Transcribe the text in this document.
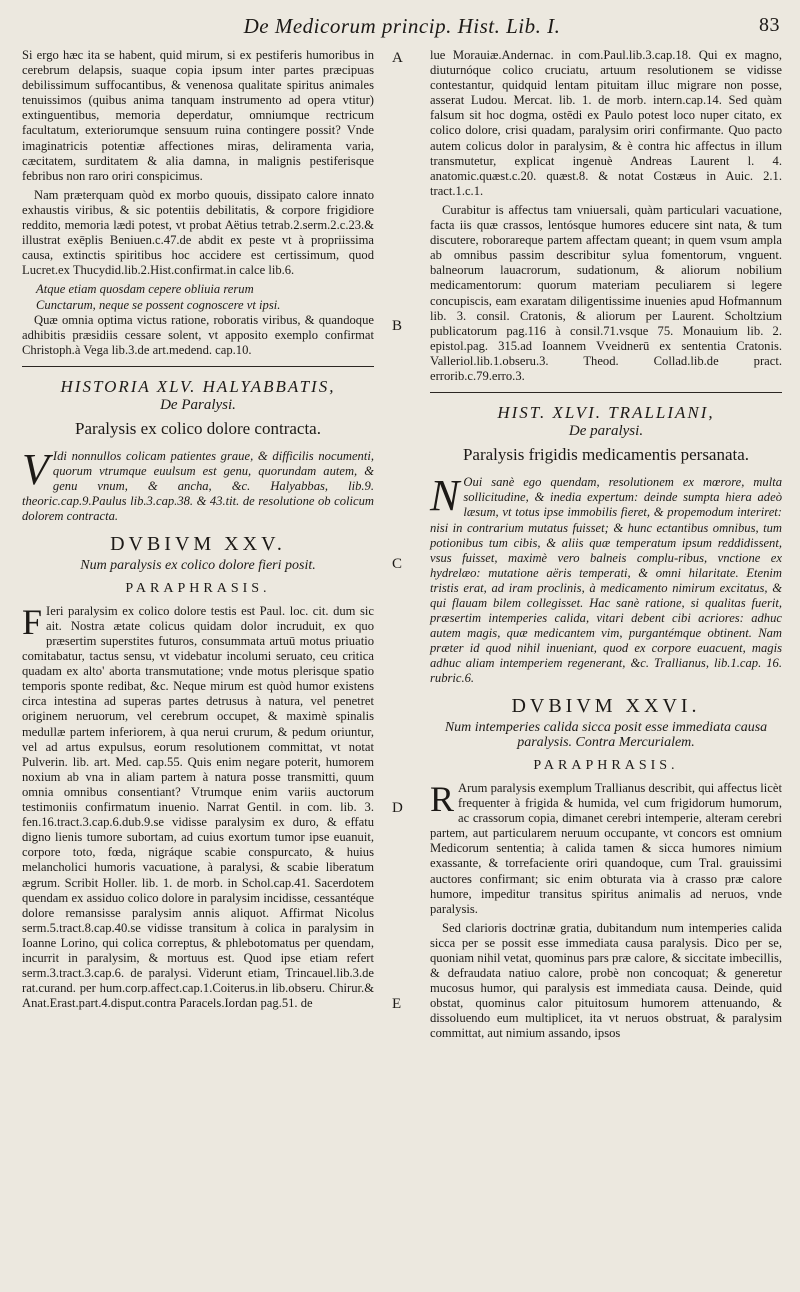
De Medicorum princip. Hist. Lib. I.	83

Si ergo hæc ita se habent, quid mirum, si ex pestiferis humoribus in cerebrum delapsis, suaque copia ipsum inter partes præcipuas debilissimum suffocantibus, & venenosa qualitate spiritus animales tenuissimos (quibus anima tanquam instrumento ad opera vtitur) extinguentibus, memoria deperdatur, omniumque rectricum facultatum, exteriorumque sensuum ruina contingere possit? Vnde imaginatricis potentiæ affectiones miras, deliramenta varia, cæcitatem, surditatem & alia damna, in malignis pestiferisque febribus non raro oriri conspicimus.

Nam præterquam quòd ex morbo quouis, dissipato calore innato exhaustis viribus, & sic potentiis debilitatis, & corpore frigidiore reddito, memoria lædi potest, vt probat Aëtius tetrab.2.serm.2.c.23.& illustrat exēplis Beniuen.c.47.de abdit ex peste vt à propriissima causa, extinctis spiritibus hoc accidere est certissimum, quod Lucret.ex Thucydid.lib.2.Hist.confirmat.in calce lib.6.

Atque etiam quosdam cepere obliuia rerum

Cunctarum, neque se possent cognoscere vt ipsi.

Quæ omnia optima victus ratione, roboratis viribus, & quandoque adhibitis præsidiis cessare solent, vt apposito exemplo confirmat Christoph.à Vega lib.3.de art.medend. cap.10.

HISTORIA XLV. HALYABBATIS,
De Paralysi.
Paralysis ex colico dolore contracta.

V Idi nonnullos colicam patientes graue, & difficilis nocumenti, quorum vtrumque euulsum est genu, quorundam autem, & genu vnum, & ancha, &c. Halyabbas, lib.9. theoric.cap.9.Paulus lib.3.cap.38. & 43.tit. de resolutione ob colicum dolorem contracta.

DVBIVM XXV.
Num paralysis ex colico dolore fieri posit.
PARAPHRASIS.

F Ieri paralysim ex colico dolore testis est Paul. loc. cit. dum sic ait. Nostra ætate colicus quidam dolor incruduit, ex quo præsertim superstites futuros, consummata artuū motus priuatio comitabatur, tactus sensu, vt videbatur incolumi seruato, ceu critica quadam ex alto' aborta transmutatione; vnde motus plerisque spatio temporis sponte redibat, &c. Neque mirum est quòd humor existens circa intestina ad superas partes detrusus à natura, vel penetret originem neruorum, vel cerebrum occupet, & maximè spinalis medullæ partem inferiorem, à qua nerui crurum, & pedum oriuntur, vel ad artus expulsus, eorum resolutionem committat, vt notat Pulverin. lib. art. Med. cap.55. Quis enim negare poterit, humorem noxium ab vna in aliam partem à natura posse transmitti, quum omnia omnibus consentiant? Vtrumque enim variis auctorum testimoniis confirmatum inuenio. Narrat Gentil. in com. lib. 3. fen.16.tract.3.cap.6.dub.9.se vidisse paralysim ex duro, & effatu digno lienis tumore subortam, ad cuius exortum tumor ipse euanuit, corpore toto, fœda, nigráque scabie conspurcato, & huius melancholici humoris vacuatione, à paralysi, & scabie liberatum ægrum. Scribit Holler. lib. 1. de morb. in Schol.cap.41. Sacerdotem quendam ex assiduo colico dolore in paralysim incidisse, cessantéque dolore remansisse paralysim annis aliquot. Affirmat Nicolus serm.5.tract.8.cap.40.se vidisse transitum à colica in paralysim in Ioanne Lorino, qui colica correptus, & phlebotomatus per quendam, incurrit in paralysim, & mortuus est. Quod ipse etiam refert serm.3.tract.3.cap.6. de paralysi. Viderunt etiam, Trincauel.lib.3.de rat.curand. per hum.corp.affect.cap.1.Coiterus.in lib.obseru. Chirur.& Anat.Erast.part.4.disput.contra Paracels.Iordan pag.51. de

A
B
C
D
E

lue Morauiæ.Andernac. in com.Paul.lib.3.cap.18. Qui ex magno, diuturnóque colico cruciatu, artuum resolutionem se vidisse contestantur, quidquid lentam pituitam illuc migrare non posse, asserat Ludou. Mercat. lib. 1. de morb. intern.cap.14. Sed quàm falsum sit hoc dogma, ostēdi ex Paulo potest loco nuper citato, ex colico dolore, crisi quadam, paralysim oriri confirmante. Quo pacto autem colicus dolor in paralysim, & è contra hic affectus in illum transmutetur, explicat ingenuè Andreas Laurent l. 4. anatomic.quæst.c.20. quæst.8. & notat Costæus in Auic. 2.1. tract.1.c.1.

Curabitur is affectus tam vniuersali, quàm particulari vacuatione, facta iis quæ crassos, lentósque humores educere sint nata, & tum discutere, roborareque partem affectam queant; in quem vsum ampla ab omnibus passim describitur sylua fomentorum, vnguent. balneorum lauacrorum, sudationum, & aliorum nobilium medicamentorum: quorum materiam peculiarem si legere concupiscis, eam exaratam diligentissime inuenies apud Hofmannum lib. 3. consil. Cratonis, & aliorum per Laurent. Scholtzium publicatorum pag.116 à consil.71.vsque 75. Monauium lib. 2. epistol.pag. 315.ad Ioannem Vveidnerū ex sententia Cratonis. Valleriol.lib.1.obseru.3. Theod. Collad.lib.de pract. errorib.c.79.erro.3.

HIST. XLVI. TRALLIANI,
De paralysi.
Paralysis frigidis medicamentis persanata.

N Oui sanè ego quendam, resolutionem ex mœrore, multa sollicitudine, & inedia expertum: deinde sumpta hiera adeò læsum, vt totus ipse immobilis fieret, & propemodum interiret: nisi in contrarium mutatus fuisset; & hunc ectantibus omnibus, tum potionibus tum cibis, & aliis quæ temperatum ipsum reddidissent, vsus fuisset, maximè vero balneis complu-ribus, vnctione ex hydrelæo: mutatione aëris temperati, & omni hilaritate. Etenim tristis erat, ad iram proclinis, à medicamento nimirum excitatus, & qui flauam bilem collegisset. Hac sanè ratione, si qualitas fuerit, præsertim intemperies calida, vitari debent cibi acriores: adhuc autem magis, quæ medicantem vim, purgantémque obtinent. Nam præter id quod nihil inueniant, quod ex corpore euacuent, magis adhuc aliam intemperiem regenerant, &c. Trallianus, lib.1.cap. 16. rubric.6.

DVBIVM XXVI.
Num intemperies calida sicca posit esse immediata causa paralysis. Contra Mercurialem.
PARAPHRASIS.

R Arum paralysis exemplum Trallianus describit, qui affectus licèt frequenter à frigida & humida, vel cum frigidorum humorum, ac crassorum copia, dimanet cerebri intemperie, alteram cerebri partem, aut particularem neruum occupante, vt concors est omnium Medicorum sententia; à calida tamen & sicca humores nimium exassante, & torrefaciente oriri quandoque, cum Tral. grauissimi auctores confirmant; sic enim obturata via à crasso præ calore humore, impeditur transitus spiritus animalis ad neruos, vnde paralysis.

Sed clarioris doctrinæ gratia, dubitandum num intemperies calida sicca per se possit esse immediata causa paralysis. Dico per se, quoniam nihil vetat, quominus pars præ calore, & siccitate imbecillis, & defraudata natiuo calore, probè non concoquat; & generetur mucosus humor, qui paralysis est immediata causa. Deinde, quid obstat, quominus calor pituitosum humorem attenuando, & dissoluendo eum multiplicet, ita vt neruos obstruat, & paralysim committat, aut nimium assando, ipsos
